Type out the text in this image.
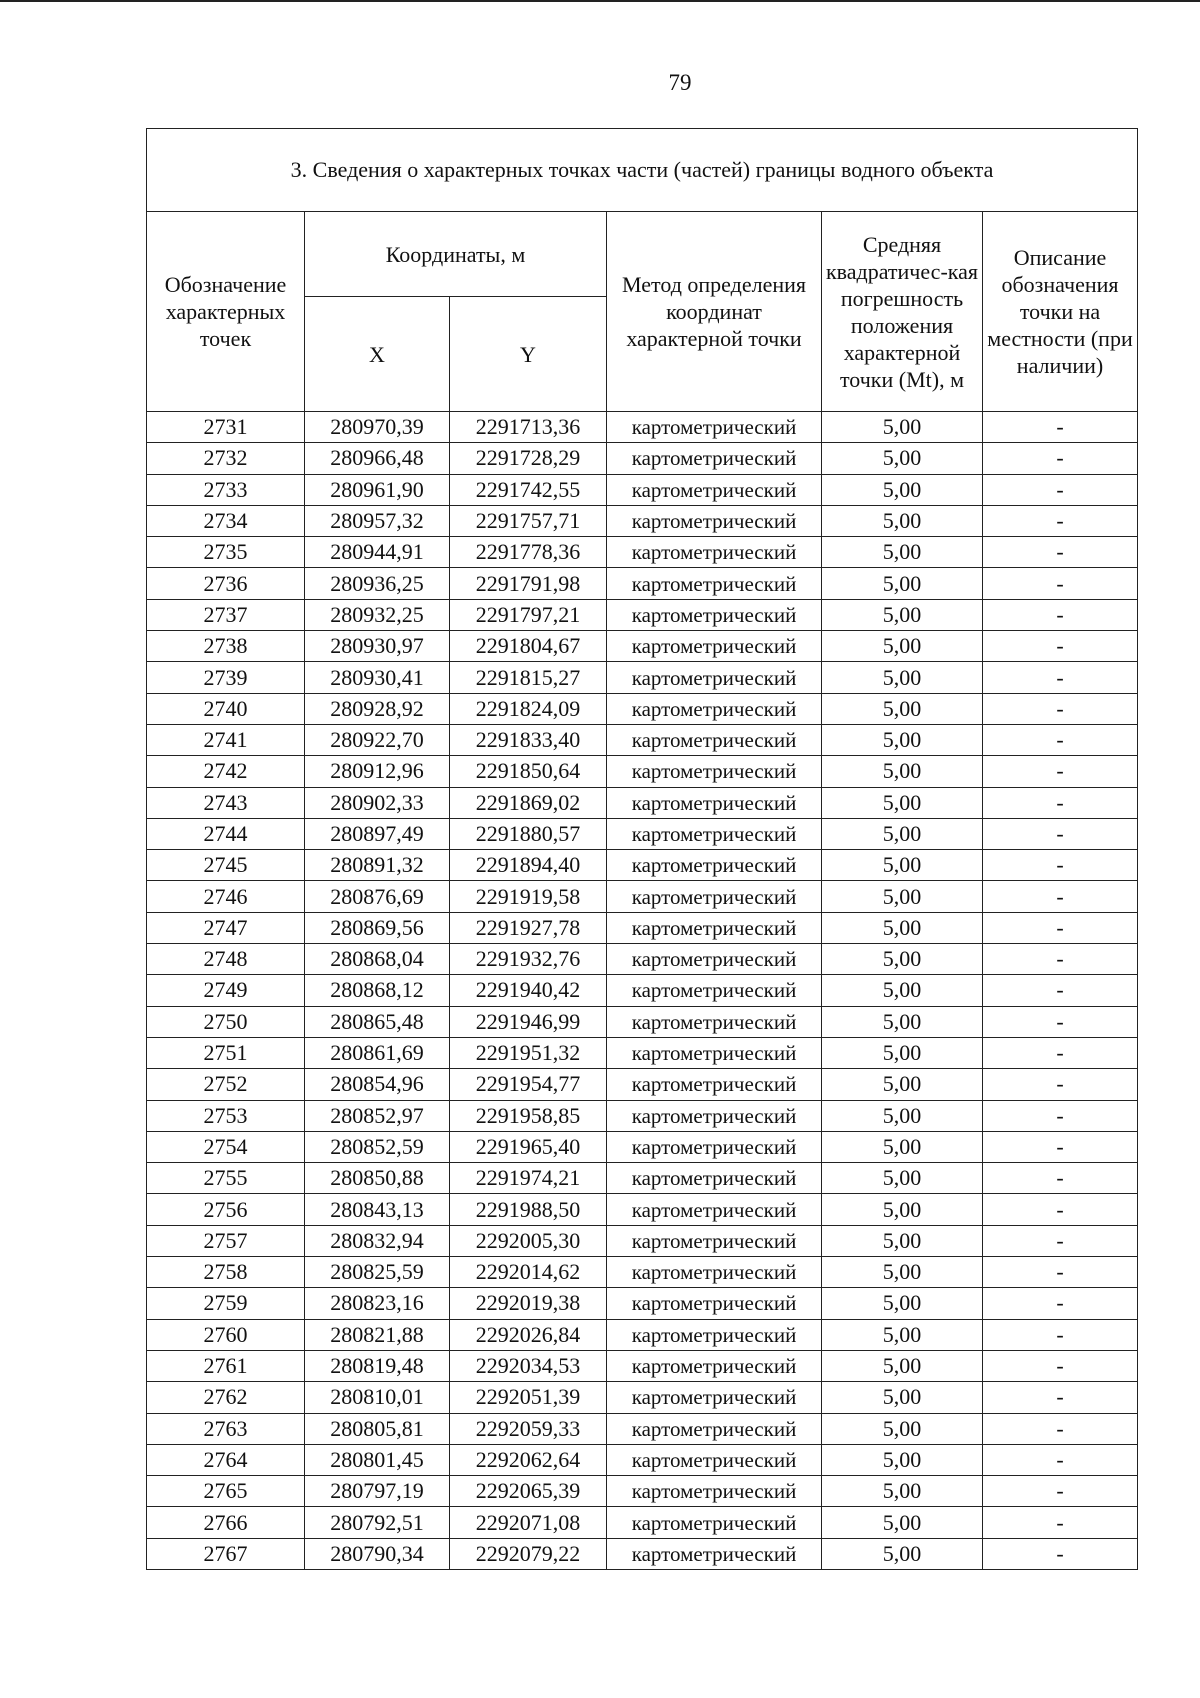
79
3. Сведения о характерных точках части (частей) границы водного объекта					
Обозначение характерных точек	Координаты, м		Метод определения координат характерной точки	Средняя квадратичес-кая погрешность положения характерной точки (Mt), м	Описание обозначения точки на местности (при наличии)
	X	Y			
2731	280970,39	2291713,36	картометрический	5,00	-
2732	280966,48	2291728,29	картометрический	5,00	-
2733	280961,90	2291742,55	картометрический	5,00	-
2734	280957,32	2291757,71	картометрический	5,00	-
2735	280944,91	2291778,36	картометрический	5,00	-
2736	280936,25	2291791,98	картометрический	5,00	-
2737	280932,25	2291797,21	картометрический	5,00	-
2738	280930,97	2291804,67	картометрический	5,00	-
2739	280930,41	2291815,27	картометрический	5,00	-
2740	280928,92	2291824,09	картометрический	5,00	-
2741	280922,70	2291833,40	картометрический	5,00	-
2742	280912,96	2291850,64	картометрический	5,00	-
2743	280902,33	2291869,02	картометрический	5,00	-
2744	280897,49	2291880,57	картометрический	5,00	-
2745	280891,32	2291894,40	картометрический	5,00	-
2746	280876,69	2291919,58	картометрический	5,00	-
2747	280869,56	2291927,78	картометрический	5,00	-
2748	280868,04	2291932,76	картометрический	5,00	-
2749	280868,12	2291940,42	картометрический	5,00	-
2750	280865,48	2291946,99	картометрический	5,00	-
2751	280861,69	2291951,32	картометрический	5,00	-
2752	280854,96	2291954,77	картометрический	5,00	-
2753	280852,97	2291958,85	картометрический	5,00	-
2754	280852,59	2291965,40	картометрический	5,00	-
2755	280850,88	2291974,21	картометрический	5,00	-
2756	280843,13	2291988,50	картометрический	5,00	-
2757	280832,94	2292005,30	картометрический	5,00	-
2758	280825,59	2292014,62	картометрический	5,00	-
2759	280823,16	2292019,38	картометрический	5,00	-
2760	280821,88	2292026,84	картометрический	5,00	-
2761	280819,48	2292034,53	картометрический	5,00	-
2762	280810,01	2292051,39	картометрический	5,00	-
2763	280805,81	2292059,33	картометрический	5,00	-
2764	280801,45	2292062,64	картометрический	5,00	-
2765	280797,19	2292065,39	картометрический	5,00	-
2766	280792,51	2292071,08	картометрический	5,00	-
2767	280790,34	2292079,22	картометрический	5,00	-
